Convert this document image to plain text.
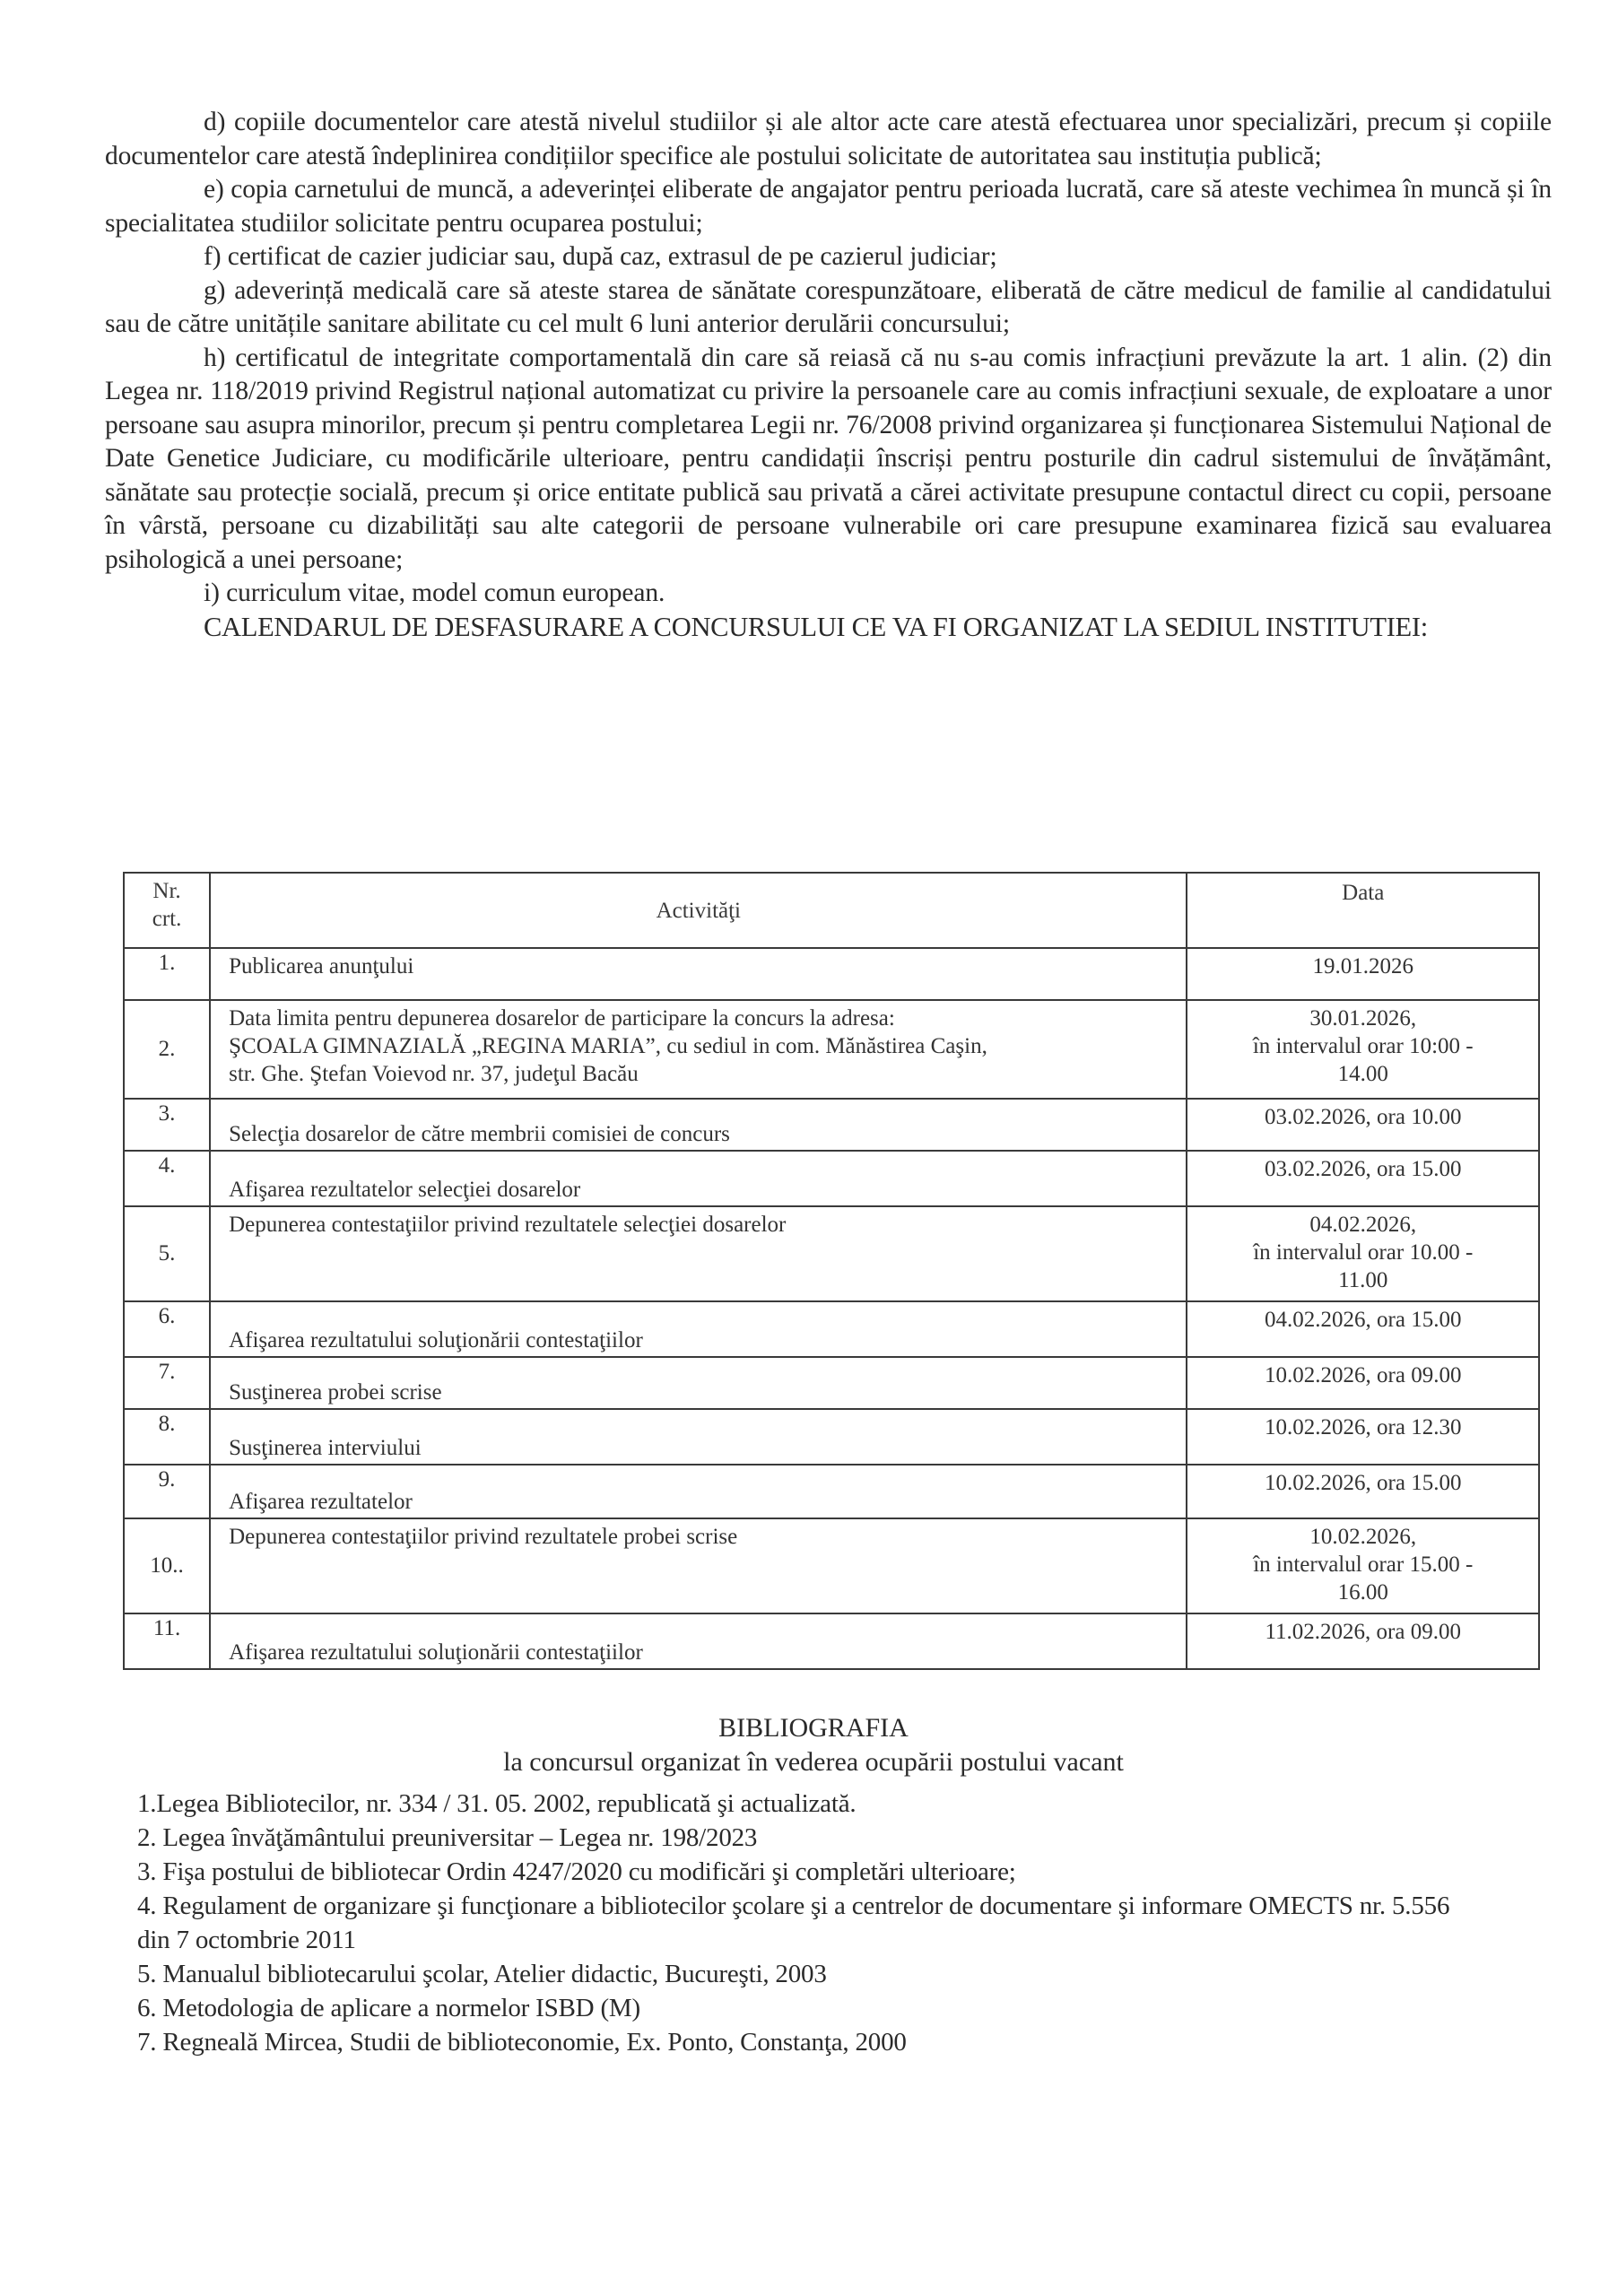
d) copiile documentelor care atestă nivelul studiilor și ale altor acte care atestă efectuarea unor specializări, precum și copiile documentelor care atestă îndeplinirea condițiilor specifice ale postului solicitate de autoritatea sau instituția publică;

e) copia carnetului de muncă, a adeverinței eliberate de angajator pentru perioada lucrată, care să ateste vechimea în muncă și în specialitatea studiilor solicitate pentru ocuparea postului;

f) certificat de cazier judiciar sau, după caz, extrasul de pe cazierul judiciar;

g) adeverință medicală care să ateste starea de sănătate corespunzătoare, eliberată de către medicul de familie al candidatului sau de către unitățile sanitare abilitate cu cel mult 6 luni anterior derulării concursului;

h) certificatul de integritate comportamentală din care să reiasă că nu s-au comis infracțiuni prevăzute la art. 1 alin. (2) din Legea nr. 118/2019 privind Registrul național automatizat cu privire la persoanele care au comis infracțiuni sexuale, de exploatare a unor persoane sau asupra minorilor, precum și pentru completarea Legii nr. 76/2008 privind organizarea și funcționarea Sistemului Național de Date Genetice Judiciare, cu modificările ulterioare, pentru candidații înscriși pentru posturile din cadrul sistemului de învățământ, sănătate sau protecție socială, precum și orice entitate publică sau privată a cărei activitate presupune contactul direct cu copii, persoane în vârstă, persoane cu dizabilități sau alte categorii de persoane vulnerabile ori care presupune examinarea fizică sau evaluarea psihologică a unei persoane;

i) curriculum vitae, model comun european.

CALENDARUL DE DESFASURARE A CONCURSULUI CE VA FI ORGANIZAT LA SEDIUL INSTITUTIEI:

Nr.
crt.	Activităţi	Data
1.	Publicarea anunţului	19.01.2026

2.	Data limita pentru depunerea dosarelor de participare la concurs la adresa:
ŞCOALA GIMNAZIALĂ „REGINA MARIA”, cu sediul in com. Mănăstirea Caşin,
str. Ghe. Ştefan Voievod nr. 37, judeţul Bacău	30.01.2026,
în intervalul orar 10:00 -
14.00

3.	Selecţia dosarelor de către membrii comisiei de concurs	03.02.2026, ora 10.00

4.	Afişarea rezultatelor selecţiei dosarelor	03.02.2026, ora 15.00

5.	Depunerea contestaţiilor privind rezultatele selecţiei dosarelor	04.02.2026,
în intervalul orar 10.00 -
11.00

6.	Afişarea rezultatului soluţionării contestaţiilor	04.02.2026, ora 15.00

7.	Susţinerea probei scrise	10.02.2026, ora 09.00

8.	Susţinerea interviului	10.02.2026, ora 12.30

9.	Afişarea rezultatelor	10.02.2026, ora 15.00

10..	Depunerea contestaţiilor privind rezultatele probei scrise	10.02.2026,
în intervalul orar 15.00 -
16.00

11.	Afişarea rezultatului soluţionării contestaţiilor	11.02.2026, ora 09.00

BIBLIOGRAFIA

la concursul organizat în vederea ocupării postului vacant

1.Legea Bibliotecilor, nr. 334 / 31. 05. 2002, republicată şi actualizată.
2. Legea învăţământului preuniversitar – Legea nr. 198/2023
3. Fişa postului de bibliotecar Ordin 4247/2020 cu modificări şi completări ulterioare;
4. Regulament de organizare şi funcţionare a bibliotecilor şcolare şi a centrelor de documentare şi informare OMECTS nr. 5.556 din 7 octombrie 2011
5. Manualul bibliotecarului şcolar, Atelier didactic, Bucureşti, 2003
6. Metodologia de aplicare a normelor ISBD (M)
7. Regneală Mircea, Studii de biblioteconomie, Ex. Ponto, Constanţa, 2000
